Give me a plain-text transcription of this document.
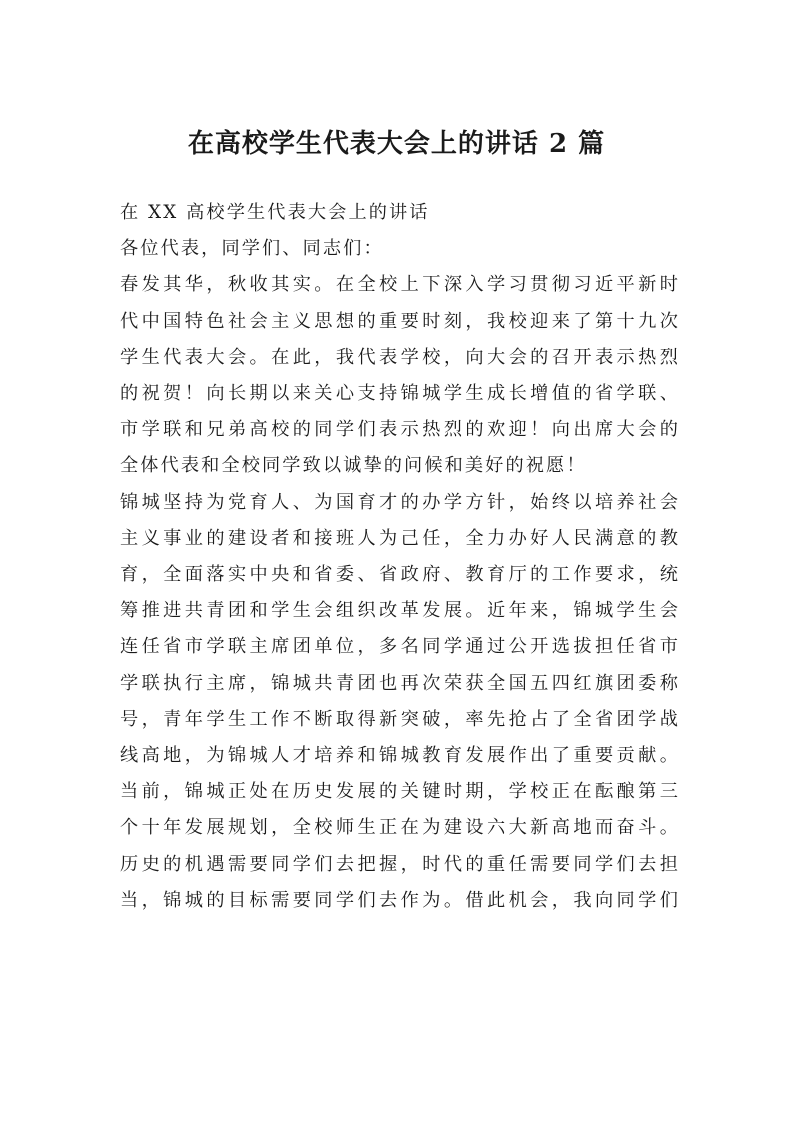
在高校学生代表大会上的讲话 2 篇

在 XX 高校学生代表大会上的讲话

各位代表，同学们、同志们：

春发其华，秋收其实。在全校上下深入学习贯彻习近平新时
代中国特色社会主义思想的重要时刻，我校迎来了第十九次
学生代表大会。在此，我代表学校，向大会的召开表示热烈
的祝贺！向长期以来关心支持锦城学生成长增值的省学联、
市学联和兄弟高校的同学们表示热烈的欢迎！向出席大会的
全体代表和全校同学致以诚挚的问候和美好的祝愿！

锦城坚持为党育人、为国育才的办学方针，始终以培养社会
主义事业的建设者和接班人为己任，全力办好人民满意的教
育，全面落实中央和省委、省政府、教育厅的工作要求，统
筹推进共青团和学生会组织改革发展。近年来，锦城学生会
连任省市学联主席团单位，多名同学通过公开选拔担任省市
学联执行主席，锦城共青团也再次荣获全国五四红旗团委称
号，青年学生工作不断取得新突破，率先抢占了全省团学战
线高地，为锦城人才培养和锦城教育发展作出了重要贡献。

当前，锦城正处在历史发展的关键时期，学校正在酝酿第三
个十年发展规划，全校师生正在为建设六大新高地而奋斗。
历史的机遇需要同学们去把握，时代的重任需要同学们去担
当，锦城的目标需要同学们去作为。借此机会，我向同学们
